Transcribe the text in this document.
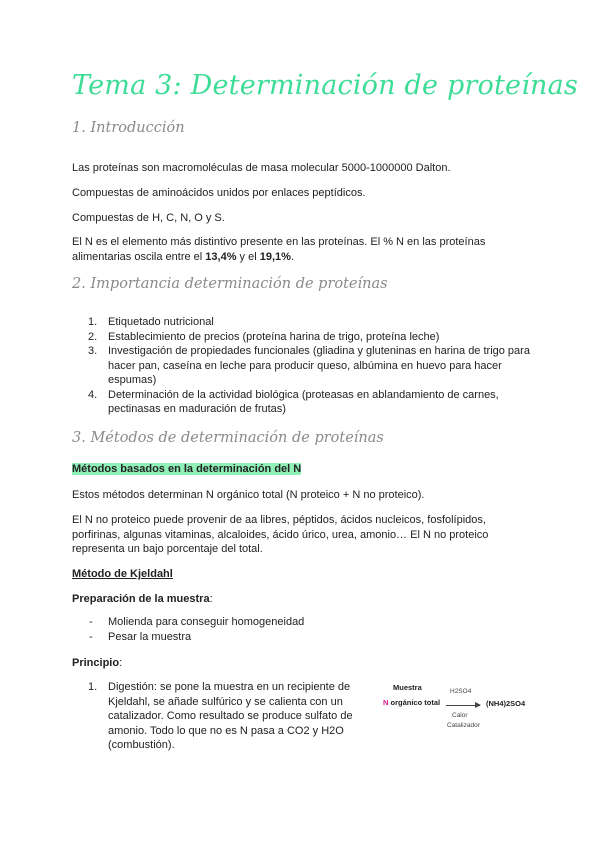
Tema 3: Determinación de proteínas
1. Introducción
Las proteínas son macromoléculas de masa molecular 5000-1000000 Dalton.
Compuestas de aminoácidos unidos por enlaces peptídicos.
Compuestas de H, C, N, O y S.
El N es el elemento más distintivo presente en las proteínas. El % N en las proteínas alimentarias oscila entre el 13,4% y el 19,1%.
2. Importancia determinación de proteínas
1. Etiquetado nutricional
2. Establecimiento de precios (proteína harina de trigo, proteína leche)
3. Investigación de propiedades funcionales (gliadina y gluteninas en harina de trigo para hacer pan, caseína en leche para producir queso, albúmina en huevo para hacer espumas)
4. Determinación de la actividad biológica (proteasas en ablandamiento de carnes, pectinasas en maduración de frutas)
3. Métodos de determinación de proteínas
Métodos basados en la determinación del N
Estos métodos determinan N orgánico total (N proteico + N no proteico).
El N no proteico puede provenir de aa libres, péptidos, ácidos nucleicos, fosfolípidos, porfirinas, algunas vitaminas, alcaloides, ácido úrico, urea, amonio… El N no proteico representa un bajo porcentaje del total.
Método de Kjeldahl
Preparación de la muestra:
- Molienda para conseguir homogeneidad
- Pesar la muestra
Principio:
1. Digestión: se pone la muestra en un recipiente de Kjeldahl, se añade sulfúrico y se calienta con un catalizador. Como resultado se produce sulfato de amonio. Todo lo que no es N pasa a CO2 y H2O (combustión).
Muestra
N orgánico total
H2SO4
Calor
Catalizador
(NH4)2SO4
